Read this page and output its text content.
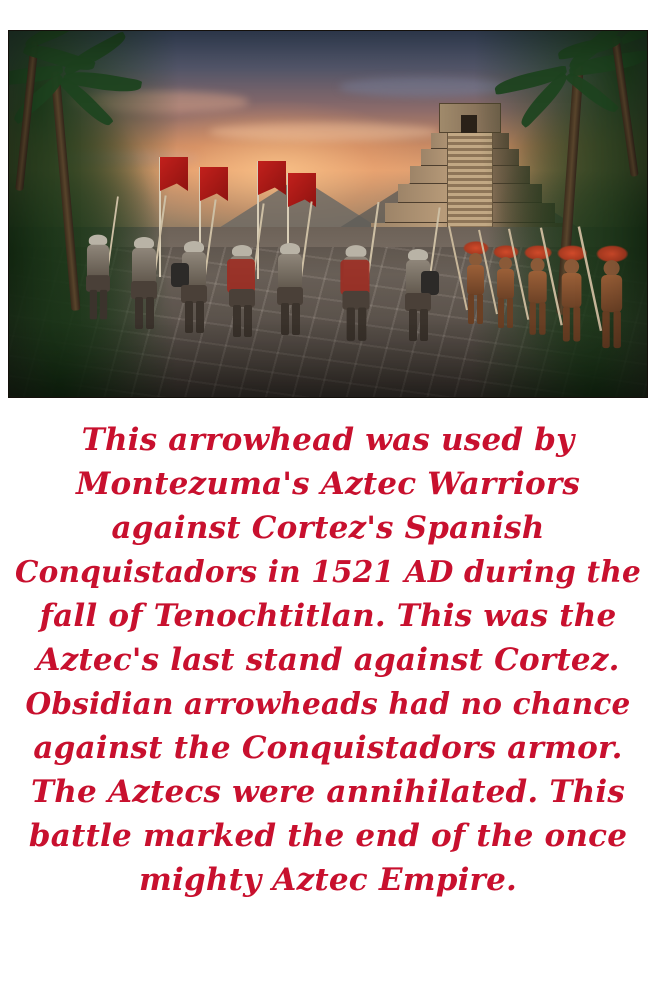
This arrowhead was used by
Montezuma's Aztec Warriors
against Cortez's Spanish
Conquistadors in 1521 AD during the
fall of Tenochtitlan. This was the
Aztec's last stand against Cortez.
Obsidian arrowheads had no chance
against the Conquistadors armor.
The Aztecs were annihilated. This
battle marked the end of the once
mighty Aztec Empire.
